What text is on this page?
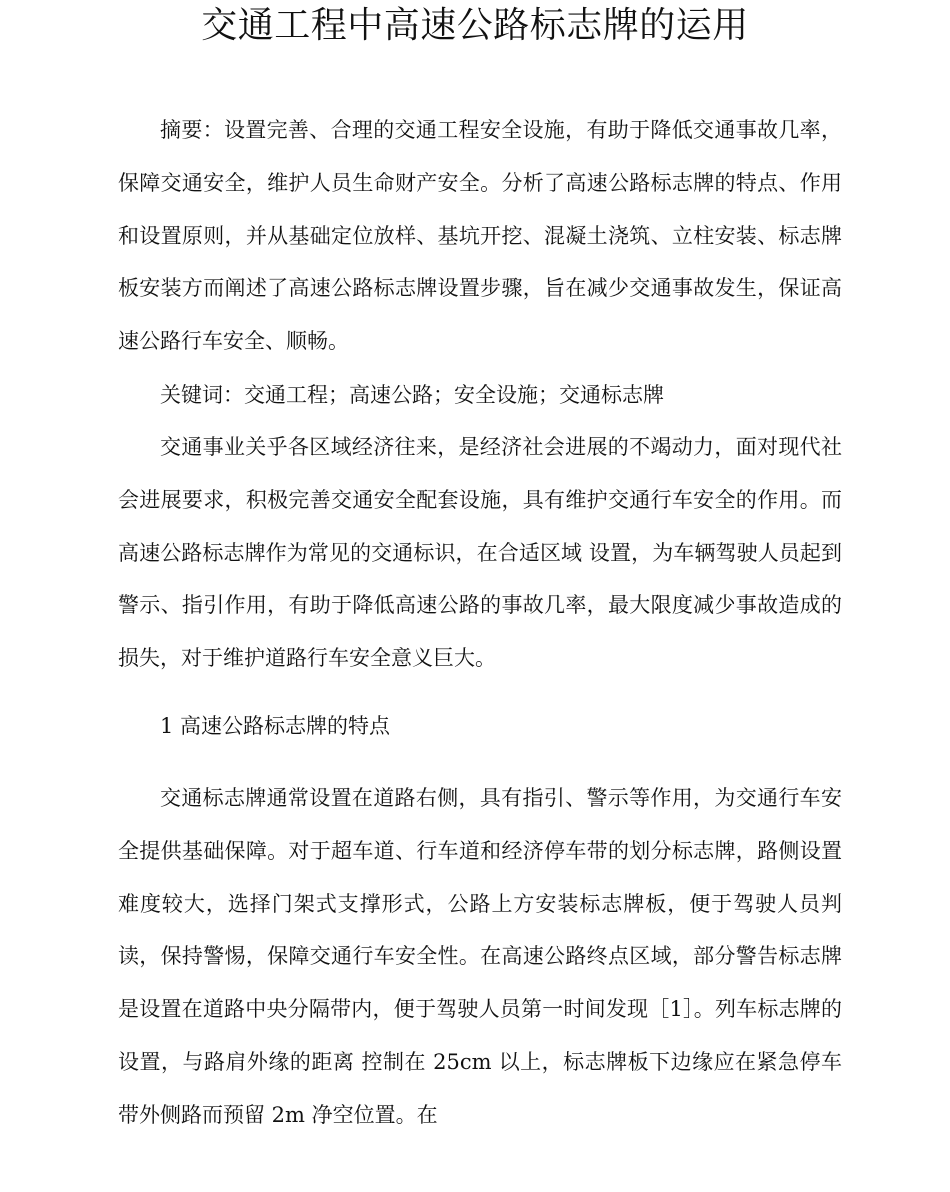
交通工程中高速公路标志牌的运用

摘要：设置完善、合理的交通工程安全设施，有助于降低交通事故几率，保障交通安全，维护人员生命财产安全。分析了高速公路标志牌的特点、作用和设置原则，并从基础定位放样、基坑开挖、混凝土浇筑、立柱安装、标志牌板安装方而阐述了高速公路标志牌设置步骤，旨在减少交通事故发生，保证高速公路行车安全、顺畅。

关键词：交通工程；高速公路；安全设施；交通标志牌

交通事业关乎各区域经济往来，是经济社会进展的不竭动力，面对现代社会进展要求，积极完善交通安全配套设施，具有维护交通行车安全的作用。而高速公路标志牌作为常见的交通标识，在合适区域 设置，为车辆驾驶人员起到警示、指引作用，有助于降低高速公路的事故几率，最大限度减少事故造成的损失，对于维护道路行车安全意义巨大。

1 高速公路标志牌的特点

交通标志牌通常设置在道路右侧，具有指引、警示等作用，为交通行车安全提供基础保障。对于超车道、行车道和经济停车带的划分标志牌，路侧设置难度较大，选择门架式支撑形式，公路上方安装标志牌板，便于驾驶人员判读，保持警惕，保障交通行车安全性。在高速公路终点区域，部分警告标志牌是设置在道路中央分隔带内，便于驾驶人员第一时间发现［1］。列车标志牌的设置，与路肩外缘的距离 控制在 25cm 以上，标志牌板下边缘应在紧急停车带外侧路而预留 2m 净空位置。在
